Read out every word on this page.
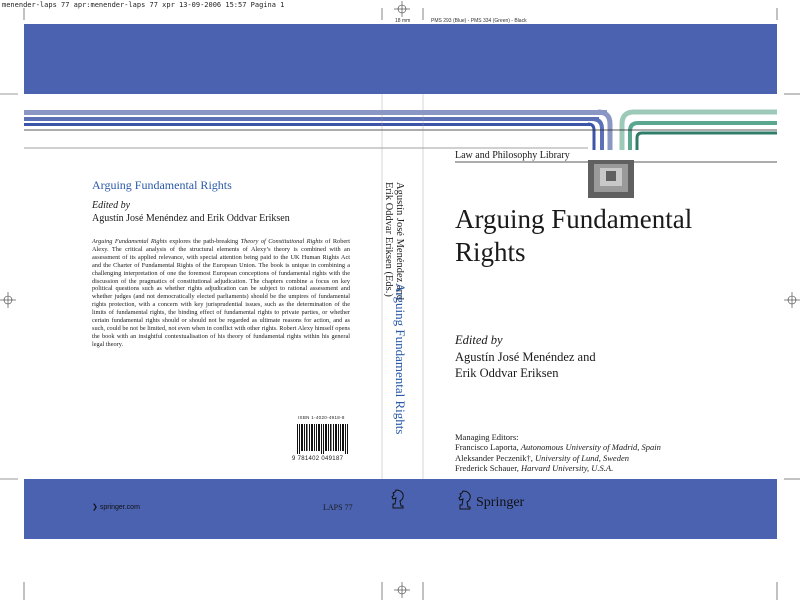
menender-laps 77 apr:menender-laps 77 xpr 13-09-2006 15:57 Pagina 1
18 mm	PMS 293 (Blue) - PMS 334 (Green) - Black
Law and Philosophy Library
Arguing Fundamental Rights
Edited by
Agustín José Menéndez and Erik Oddvar Eriksen
Arguing Fundamental Rights explores the path-breaking Theory of Constitutional Rights of Robert Alexy. The critical analysis of the structural elements of Alexy’s theory is combined with an assessment of its applied relevance, with special attention being paid to the UK Human Rights Act and the Charter of Fundamental Rights of the European Union. The book is unique in combining a challenging interpretation of one the foremost European conceptions of fundamental rights with the discussion of the pragmatics of constitutional adjudication. The chapters combine a focus on key political questions such as whether rights adjudication can be subject to rational assessment and whether judges (and not democratically elected parliaments) should be the umpires of fundamental rights protection, with a concern with key jurisprudential issues, such as the determination of the limits of fundamental rights, the binding effect of fundamental rights to private parties, or whether certain fundamental rights should or should not be regarded as ultimate reasons for action, and as such, could be not be limited, not even when in conflict with other rights. Robert Alexy himself opens the book with an insightful contextualisation of his theory of fundamental rights within his general legal theory.
ISBN 1-4020-4918-8
9 781402 049187
Agustín José Menéndez and
Erik Oddvar Eriksen (Eds.)
Arguing Fundamental Rights
Arguing Fundamental
Rights
Edited by
Agustín José Menéndez and
Erik Oddvar Eriksen
Managing Editors:
Francisco Laporta, Autonomous University of Madrid, Spain
Aleksander Peczenik†, University of Lund, Sweden
Frederick Schauer, Harvard University, U.S.A.
❯ springer.com	LAPS 77	Springer
